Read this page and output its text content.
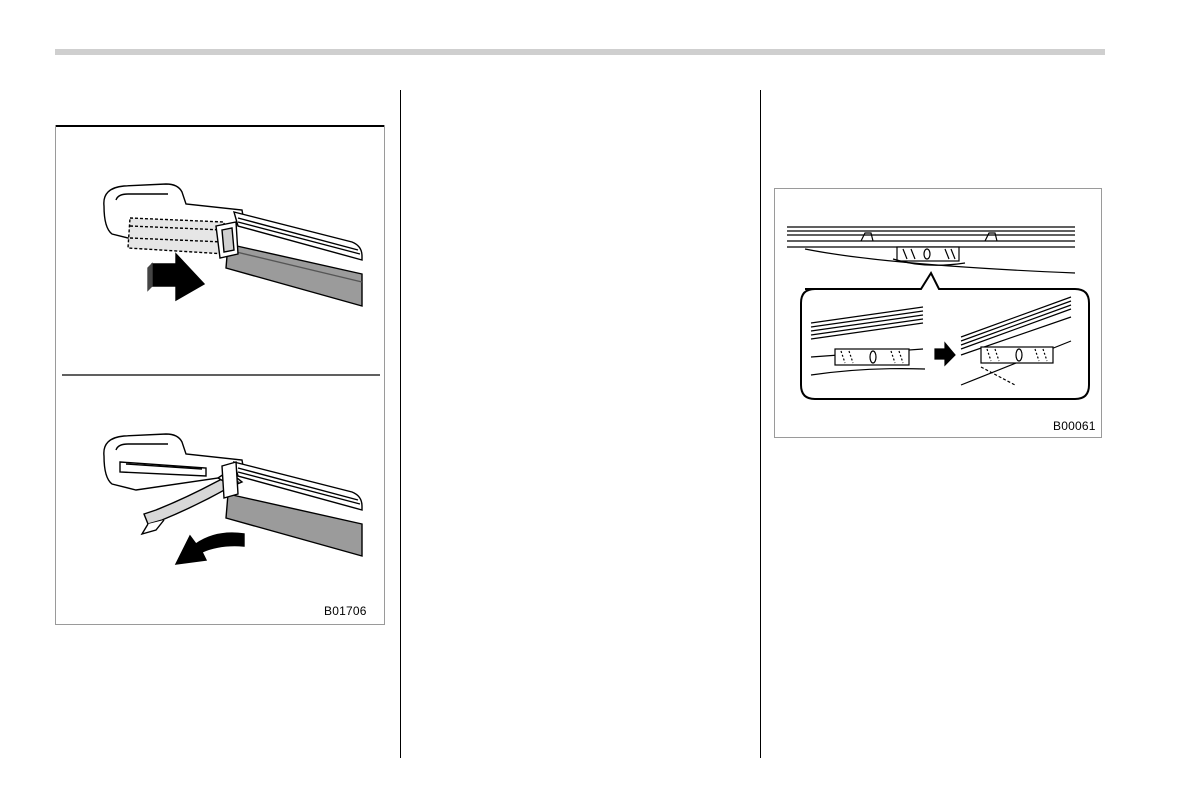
B01706
B00061
